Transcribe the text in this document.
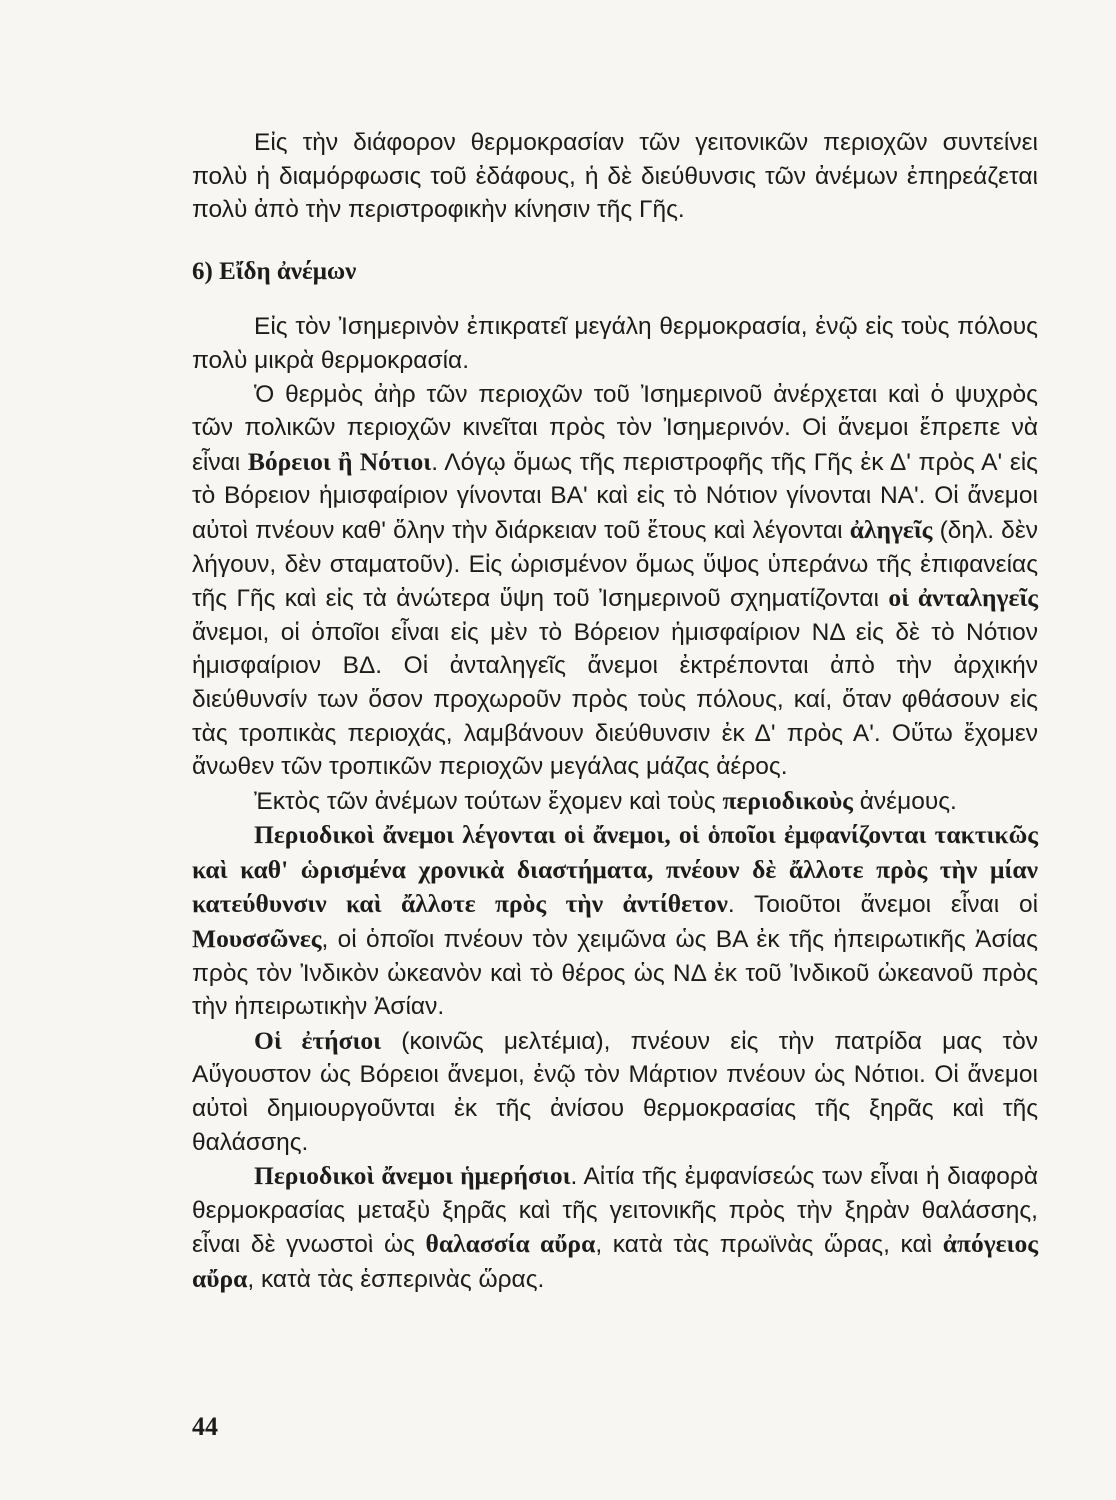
Εἰς τὴν διάφορον θερμοκρασίαν τῶν γειτονικῶν περιοχῶν συντείνει πολὺ ἡ διαμόρφωσις τοῦ ἐδάφους, ἡ δὲ διεύθυνσις τῶν ἀνέμων ἐπηρεάζεται πολὺ ἀπὸ τὴν περιστροφικὴν κίνησιν τῆς Γῆς.

6) Εἴδη ἀνέμων

Εἰς τὸν Ἰσημερινὸν ἐπικρατεῖ μεγάλη θερμοκρασία, ἐνῷ εἰς τοὺς πόλους πολὺ μικρὰ θερμοκρασία.

Ὁ θερμὸς ἀὴρ τῶν περιοχῶν τοῦ Ἰσημερινοῦ ἀνέρχεται καὶ ὁ ψυχρὸς τῶν πολικῶν περιοχῶν κινεῖται πρὸς τὸν Ἰσημερινόν. Οἱ ἄνεμοι ἔπρεπε νὰ εἶναι Βόρειοι ἢ Νότιοι. Λόγῳ ὅμως τῆς περιστροφῆς τῆς Γῆς ἐκ Δ' πρὸς Α' εἰς τὸ Βόρειον ἡμισφαίριον γίνονται ΒΑ' καὶ εἰς τὸ Νότιον γίνονται ΝΑ'. Οἱ ἄνεμοι αὐτοὶ πνέουν καθ' ὅλην τὴν διάρκειαν τοῦ ἔτους καὶ λέγονται ἀληγεῖς (δηλ. δὲν λήγουν, δὲν σταματοῦν). Εἰς ὡρισμένον ὅμως ὕψος ὑπεράνω τῆς ἐπιφανείας τῆς Γῆς καὶ εἰς τὰ ἀνώτερα ὕψη τοῦ Ἰσημερινοῦ σχηματίζονται οἱ ἀνταληγεῖς ἄνεμοι, οἱ ὁποῖοι εἶναι εἰς μὲν τὸ Βόρειον ἡμισφαίριον ΝΔ εἰς δὲ τὸ Νότιον ἡμισφαίριον ΒΔ. Οἱ ἀνταληγεῖς ἄνεμοι ἐκτρέπονται ἀπὸ τὴν ἀρχικήν διεύθυνσίν των ὅσον προχωροῦν πρὸς τοὺς πόλους, καί, ὅταν φθάσουν εἰς τὰς τροπικὰς περιοχάς, λαμβάνουν διεύθυνσιν ἐκ Δ' πρὸς Α'. Οὕτω ἔχομεν ἄνωθεν τῶν τροπικῶν περιοχῶν μεγάλας μάζας ἀέρος.

Ἐκτὸς τῶν ἀνέμων τούτων ἔχομεν καὶ τοὺς περιοδικοὺς ἀνέμους.

Περιοδικοὶ ἄνεμοι λέγονται οἱ ἄνεμοι, οἱ ὁποῖοι ἐμφανίζονται τακτικῶς καὶ καθ' ὡρισμένα χρονικὰ διαστήματα, πνέουν δὲ ἄλλοτε πρὸς τὴν μίαν κατεύθυνσιν καὶ ἄλλοτε πρὸς τὴν ἀντίθετον. Τοιοῦτοι ἄνεμοι εἶναι οἱ Μουσσῶνες, οἱ ὁποῖοι πνέουν τὸν χειμῶνα ὡς ΒΑ ἐκ τῆς ἠπειρωτικῆς Ἀσίας πρὸς τὸν Ἰνδικὸν ὠκεανὸν καὶ τὸ θέρος ὡς ΝΔ ἐκ τοῦ Ἰνδικοῦ ὠκεανοῦ πρὸς τὴν ἠπειρωτικὴν Ἀσίαν.

Οἱ ἐτήσιοι (κοινῶς μελτέμια), πνέουν εἰς τὴν πατρίδα μας τὸν Αὔγουστον ὡς Βόρειοι ἄνεμοι, ἐνῷ τὸν Μάρτιον πνέουν ὡς Νότιοι. Οἱ ἄνεμοι αὐτοὶ δημιουργοῦνται ἐκ τῆς ἀνίσου θερμοκρασίας τῆς ξηρᾶς καὶ τῆς θαλάσσης.

Περιοδικοὶ ἄνεμοι ἡμερήσιοι. Αἰτία τῆς ἐμφανίσεώς των εἶναι ἡ διαφορὰ θερμοκρασίας μεταξὺ ξηρᾶς καὶ τῆς γειτονικῆς πρὸς τὴν ξηρὰν θαλάσσης, εἶναι δὲ γνωστοὶ ὡς θαλασσία αὔρα, κατὰ τὰς πρωϊνὰς ὥρας, καὶ ἀπόγειος αὔρα, κατὰ τὰς ἑσπερινὰς ὥρας.

44
